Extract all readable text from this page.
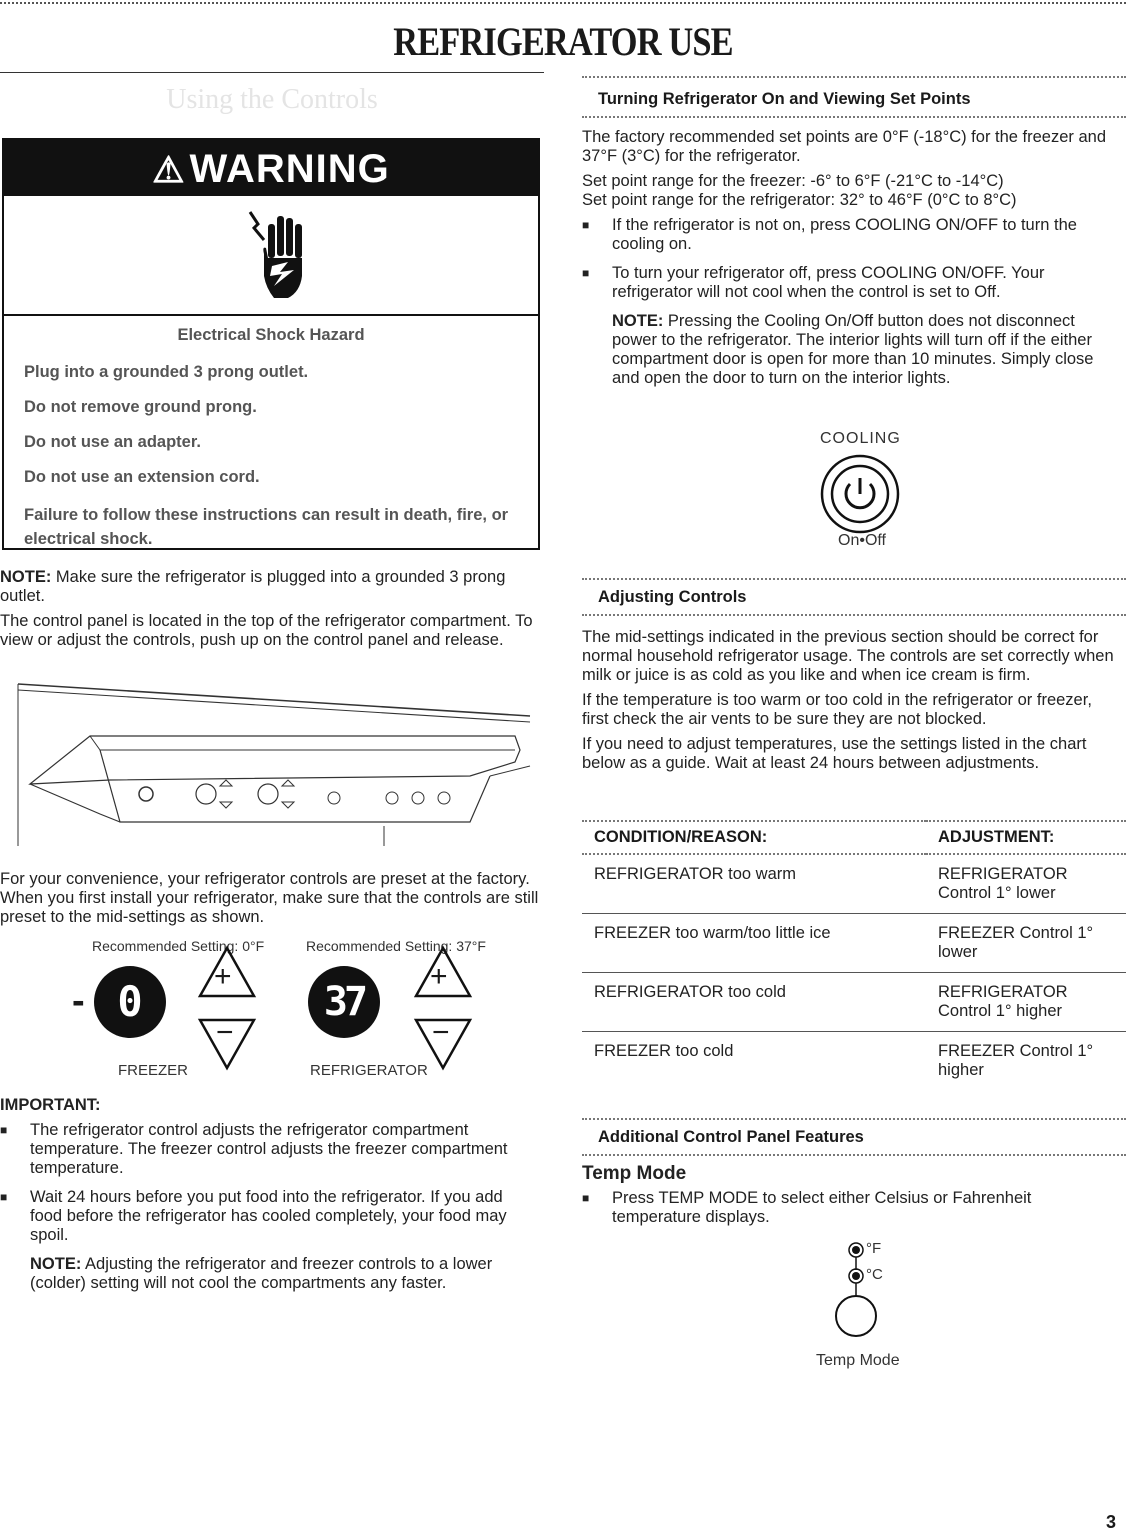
REFRIGERATOR USE
Using the Controls
⚠ WARNING

Electrical Shock Hazard

Plug into a grounded 3 prong outlet.

Do not remove ground prong.

Do not use an adapter.

Do not use an extension cord.

Failure to follow these instructions can result in death, fire, or electrical shock.

NOTE: Make sure the refrigerator is plugged into a grounded 3 prong outlet.

The control panel is located in the top of the refrigerator compartment. To view or adjust the controls, push up on the control panel and release.

For your convenience, your refrigerator controls are preset at the factory. When you first install your refrigerator, make sure that the controls are still preset to the mid-settings as shown.
Recommended Setting: 0°F	Recommended Setting: 37°F
- 0
+
−
37
+
−
FREEZER	REFRIGERATOR

IMPORTANT:

■ The refrigerator control adjusts the refrigerator compartment temperature. The freezer control adjusts the freezer compartment temperature.
■ Wait 24 hours before you put food into the refrigerator. If you add food before the refrigerator has cooled completely, your food may spoil.

NOTE: Adjusting the refrigerator and freezer controls to a lower (colder) setting will not cool the compartments any faster.

Turning Refrigerator On and Viewing Set Points

The factory recommended set points are 0°F (-18°C) for the freezer and 37°F (3°C) for the refrigerator.

Set point range for the freezer: -6° to 6°F (-21°C to -14°C)

Set point range for the refrigerator: 32° to 46°F (0°C to 8°C)

■ If the refrigerator is not on, press COOLING ON/OFF to turn the cooling on.
■ To turn your refrigerator off, press COOLING ON/OFF. Your refrigerator will not cool when the control is set to Off.

NOTE: Pressing the Cooling On/Off button does not disconnect power to the refrigerator. The interior lights will turn off if the either compartment door is open for more than 10 minutes. Simply close and open the door to turn on the interior lights.

COOLING
On•Off
Adjusting Controls

The mid-settings indicated in the previous section should be correct for normal household refrigerator usage. The controls are set correctly when milk or juice is as cold as you like and when ice cream is firm.

If the temperature is too warm or too cold in the refrigerator or freezer, first check the air vents to be sure they are not blocked.

If you need to adjust temperatures, use the settings listed in the chart below as a guide. Wait at least 24 hours between adjustments.

CONDITION/REASON:	ADJUSTMENT:
REFRIGERATOR too warm	REFRIGERATOR Control 1° lower
FREEZER too warm/too little ice	FREEZER Control 1° lower
REFRIGERATOR too cold	REFRIGERATOR Control 1° higher
FREEZER too cold	FREEZER Control 1° higher
Additional Control Panel Features

Temp Mode

■ Press TEMP MODE to select either Celsius or Fahrenheit temperature displays.
°F
°C
Temp Mode
3
